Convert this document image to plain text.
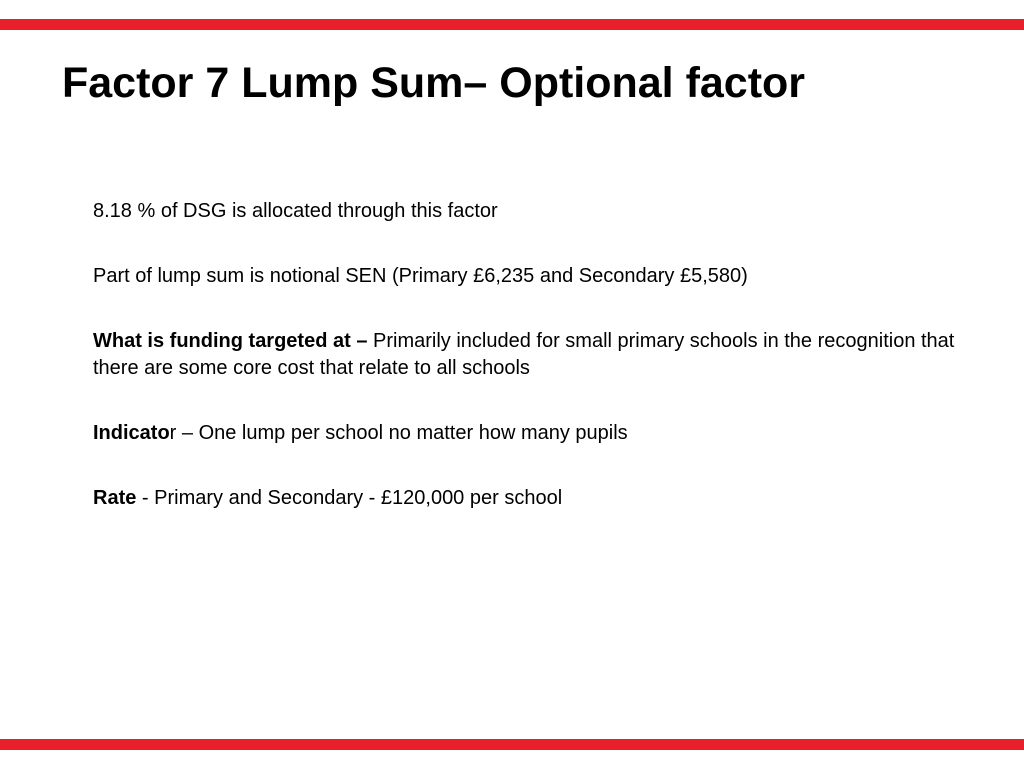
Factor 7 Lump Sum– Optional factor

8.18 % of DSG is allocated through this factor

Part of lump sum is notional SEN (Primary £6,235 and Secondary £5,580)

What is funding targeted at – Primarily included for small primary schools in the recognition that there are some core cost that relate to all schools

Indicator – One lump per school no matter how many pupils

Rate - Primary and Secondary - £120,000 per school
